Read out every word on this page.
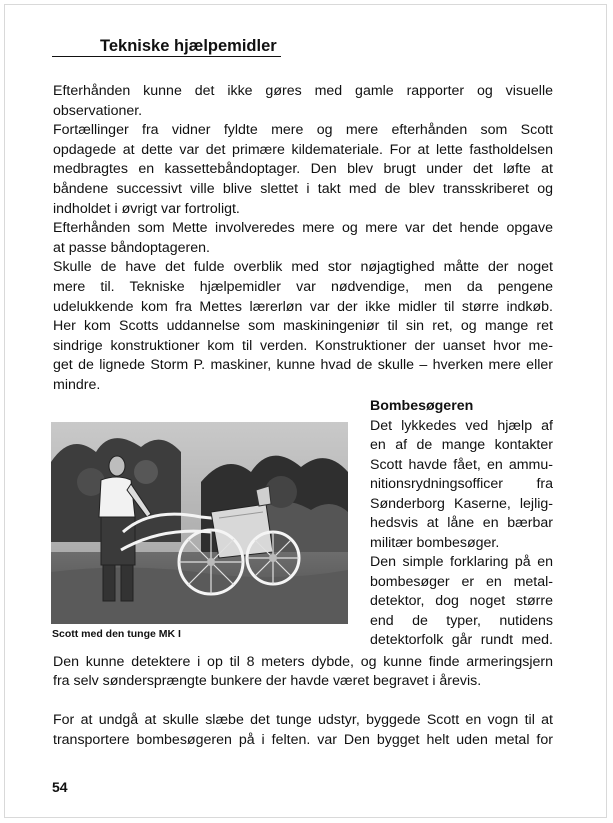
Tekniske hjælpemidler

Efterhånden kunne det ikke gøres med gamle rapporter og visuelle

observationer.

Fortællinger fra vidner fyldte mere og mere efterhånden som Scott

opdagede at dette var det primære kildemateriale. For at lette fastholdelsen

medbragtes en kassettebåndoptager. Den blev brugt under det løfte at

båndene successivt ville blive slettet i takt med de blev transskriberet og

indholdet i øvrigt var fortroligt.

Efterhånden som Mette involveredes mere og mere var det hende opgave

at passe båndoptageren.

Skulle de have det fulde overblik med stor nøjagtighed måtte der noget

mere til. Tekniske hjælpemidler var nødvendige, men da pengene

udelukkende kom fra Mettes lærerløn var der ikke midler til større indkøb.

Her kom Scotts uddannelse som maskiningeniør til sin ret, og mange ret

sindrige konstruktioner kom til verden. Konstruktioner der uanset hvor me-

get de lignede Storm P. maskiner, kunne hvad de skulle – hverken mere eller

mindre.

Bombesøgeren

Det lykkedes ved hjælp af

en af de mange kontakter

Scott havde fået, en ammu-

nitionsrydningsofficer fra

Sønderborg Kaserne, lejlig-

hedsvis at låne en bærbar

militær bombesøger.

Den simple forklaring på en

bombesøger er en metal-

detektor, dog noget større

end de typer, nutidens

detektorfolk går rundt med.

Scott med den tunge MK I

Den kunne detektere i op til 8 meters dybde, og kunne finde armeringsjern

fra selv søndersprængte bunkere der havde været begravet i årevis.

For at undgå at skulle slæbe det tunge udstyr, byggede Scott en vogn til at

transportere bombesøgeren på i felten. var Den bygget helt uden metal for

54
